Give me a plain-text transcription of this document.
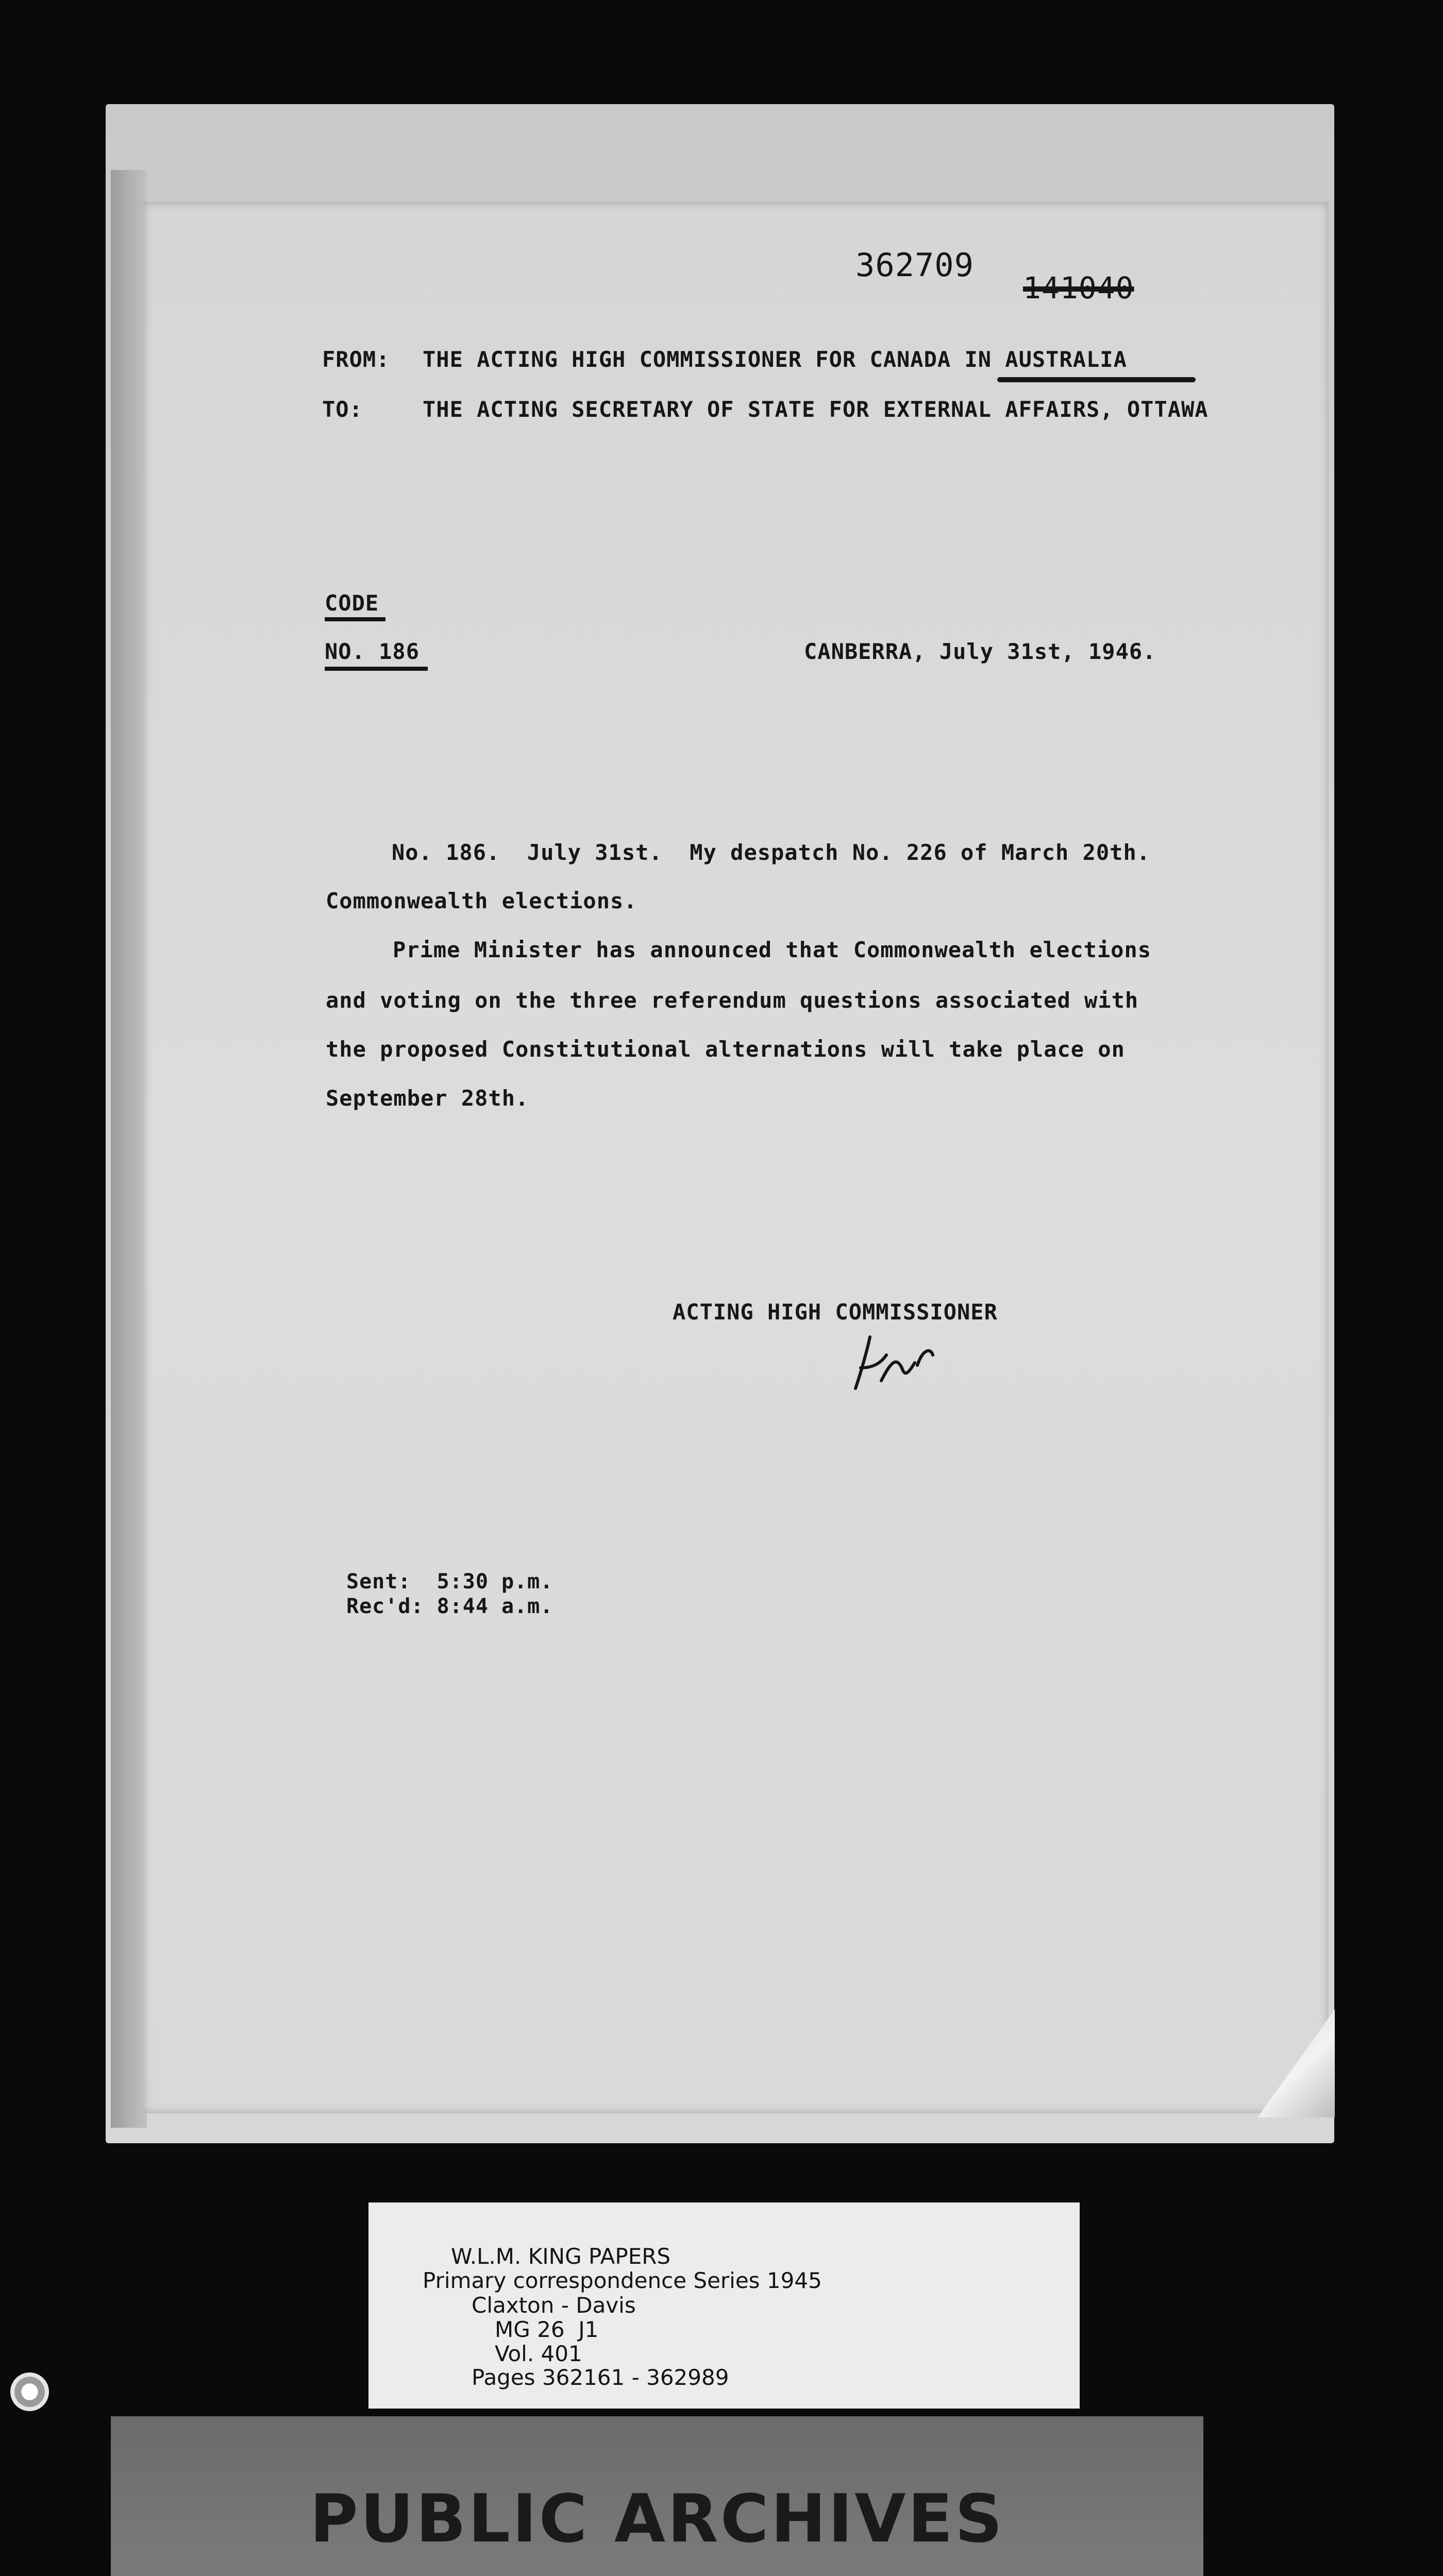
362709
141040
FROM: THE ACTING HIGH COMMISSIONER FOR CANADA IN AUSTRALIA
TO:	THE ACTING SECRETARY OF STATE FOR EXTERNAL AFFAIRS, OTTAWA
CODE
NO. 186	CANBERRA, July 31st, 1946.
No. 186.  July 31st.  My despatch No. 226 of March 20th.
Commonwealth elections.
Prime Minister has announced that Commonwealth elections
and voting on the three referendum questions associated with
the proposed Constitutional alternations will take place on
September 28th.
ACTING HIGH COMMISSIONER
Sent:  5:30 p.m.
Rec'd: 8:44 a.m.
W.L.M. KING PAPERS
Primary correspondence Series 1945
Claxton - Davis
MG 26  J1
Vol. 401
Pages 362161 - 362989
PUBLIC ARCHIVES
